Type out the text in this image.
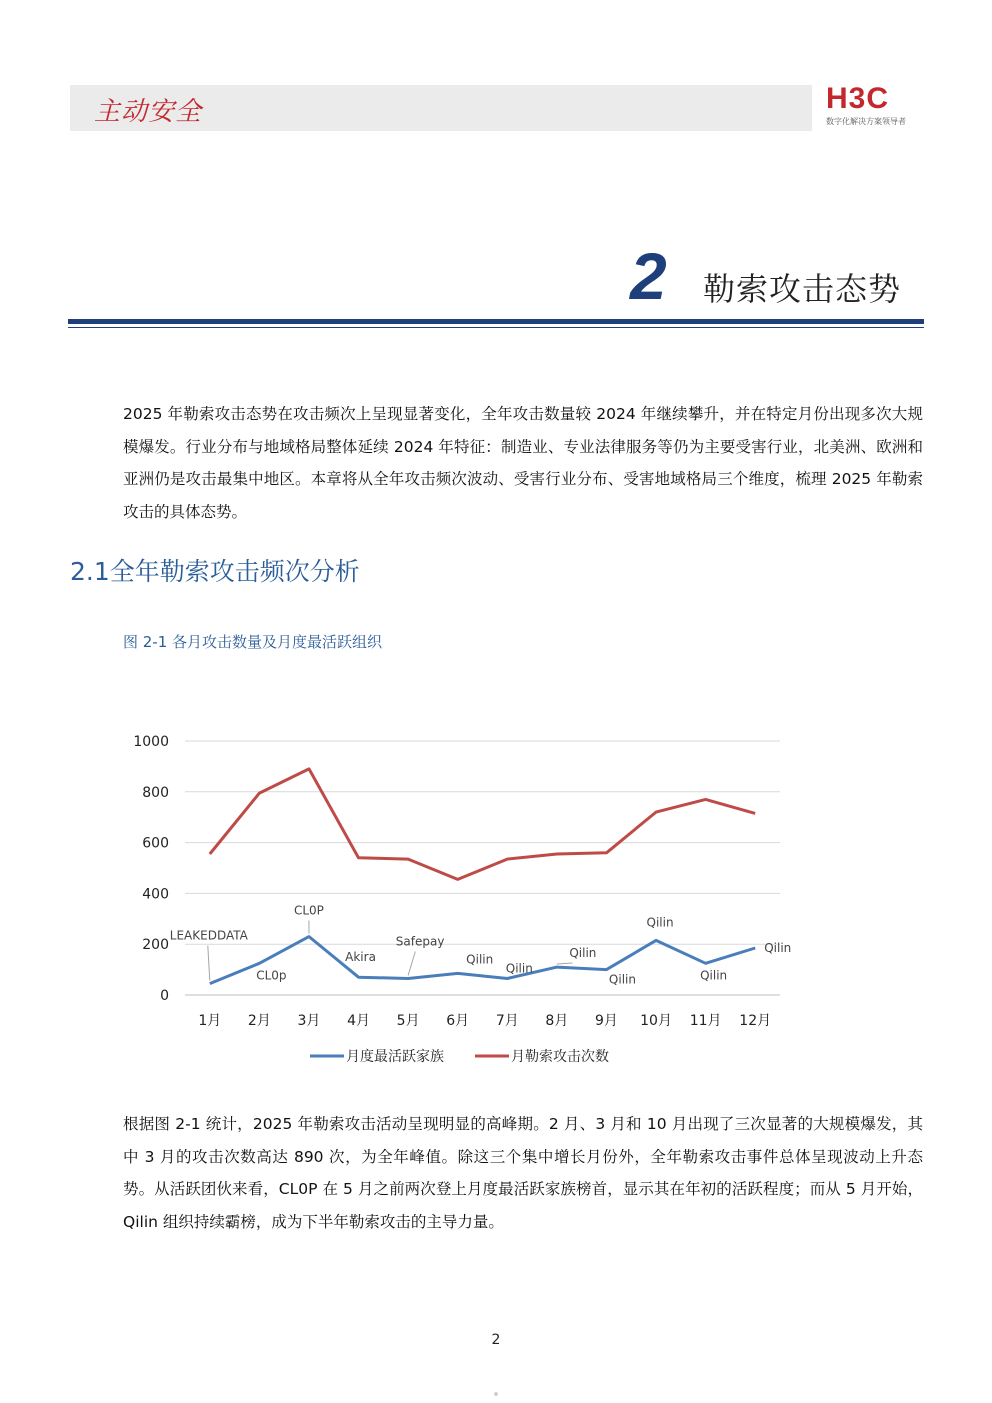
主动安全	H3C
数字化解决方案领导者
2 勒索攻击态势
2025 年勒索攻击态势在攻击频次上呈现显著变化，全年攻击数量较 2024 年继续攀升，并在特定月份出现多次大规模爆发。行业分布与地域格局整体延续 2024 年特征：制造业、专业法律服务等仍为主要受害行业，北美洲、欧洲和亚洲仍是攻击最集中地区。本章将从全年攻击频次波动、受害行业分布、受害地域格局三个维度，梳理 2025 年勒索攻击的具体态势。
2.1全年勒索攻击频次分析
图 2-1 各月攻击数量及月度最活跃组织
0
200
400
600
800
1000
1月 2月 3月 4月 5月 6月 7月 8月 9月 10月 11月 12月
LEAKEDDATA
CL0p
CL0P
Akira
Safepay
Qilin
Qilin
Qilin
Qilin
Qilin
Qilin
Qilin
月度最活跃家族	月勒索攻击次数
根据图 2-1 统计，2025 年勒索攻击活动呈现明显的高峰期。2 月、3 月和 10 月出现了三次显著的大规模爆发，其中 3 月的攻击次数高达 890 次，为全年峰值。除这三个集中增长月份外，全年勒索攻击事件总体呈现波动上升态势。从活跃团伙来看，CL0P 在 5 月之前两次登上月度最活跃家族榜首，显示其在年初的活跃程度；而从 5 月开始，Qilin 组织持续霸榜，成为下半年勒索攻击的主导力量。
2
